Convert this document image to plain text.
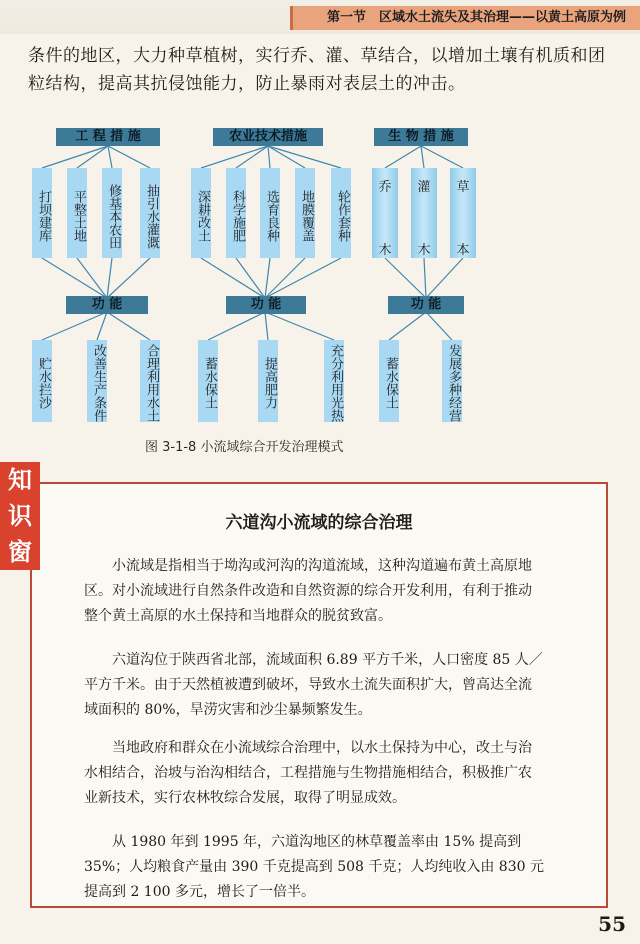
第一节　区域水土流失及其治理——以黄土高原为例
条件的地区，大力种草植树，实行乔、灌、草结合，以增加土壤有机质和团粒结构，提高其抗侵蚀能力，防止暴雨对表层土的冲击。
工 程 措 施	农业技术措施	生 物 措 施
打坝建库	平整土地	修基本农田	抽引水灌溉	深耕改土	科学施肥	选育良种	地膜覆盖	轮作套种
乔
木
灌
木
草
本
功 能	功 能	功 能
贮水拦沙	改善生产条件	合理利用水土	蓄水保土	提高肥力	充分利用光热	蓄水保土	发展多种经营
图 3-1-8 小流域综合开发治理模式
六道沟小流域的综合治理

小流域是指相当于坳沟或河沟的沟道流域，这种沟道遍布黄土高原地区。对小流域进行自然条件改造和自然资源的综合开发利用，有利于推动整个黄土高原的水土保持和当地群众的脱贫致富。

六道沟位于陕西省北部，流域面积 6.89 平方千米，人口密度 85 人／平方千米。由于天然植被遭到破坏，导致水土流失面积扩大，曾高达全流域面积的 80%，旱涝灾害和沙尘暴频繁发生。

当地政府和群众在小流域综合治理中，以水土保持为中心，改土与治水相结合，治坡与治沟相结合，工程措施与生物措施相结合，积极推广农业新技术，实行农林牧综合发展，取得了明显成效。

从 1980 年到 1995 年，六道沟地区的林草覆盖率由 15% 提高到 35%；人均粮食产量由 390 千克提高到 508 千克；人均纯收入由 830 元提高到 2 100 多元，增长了一倍半。

知识窗
55
